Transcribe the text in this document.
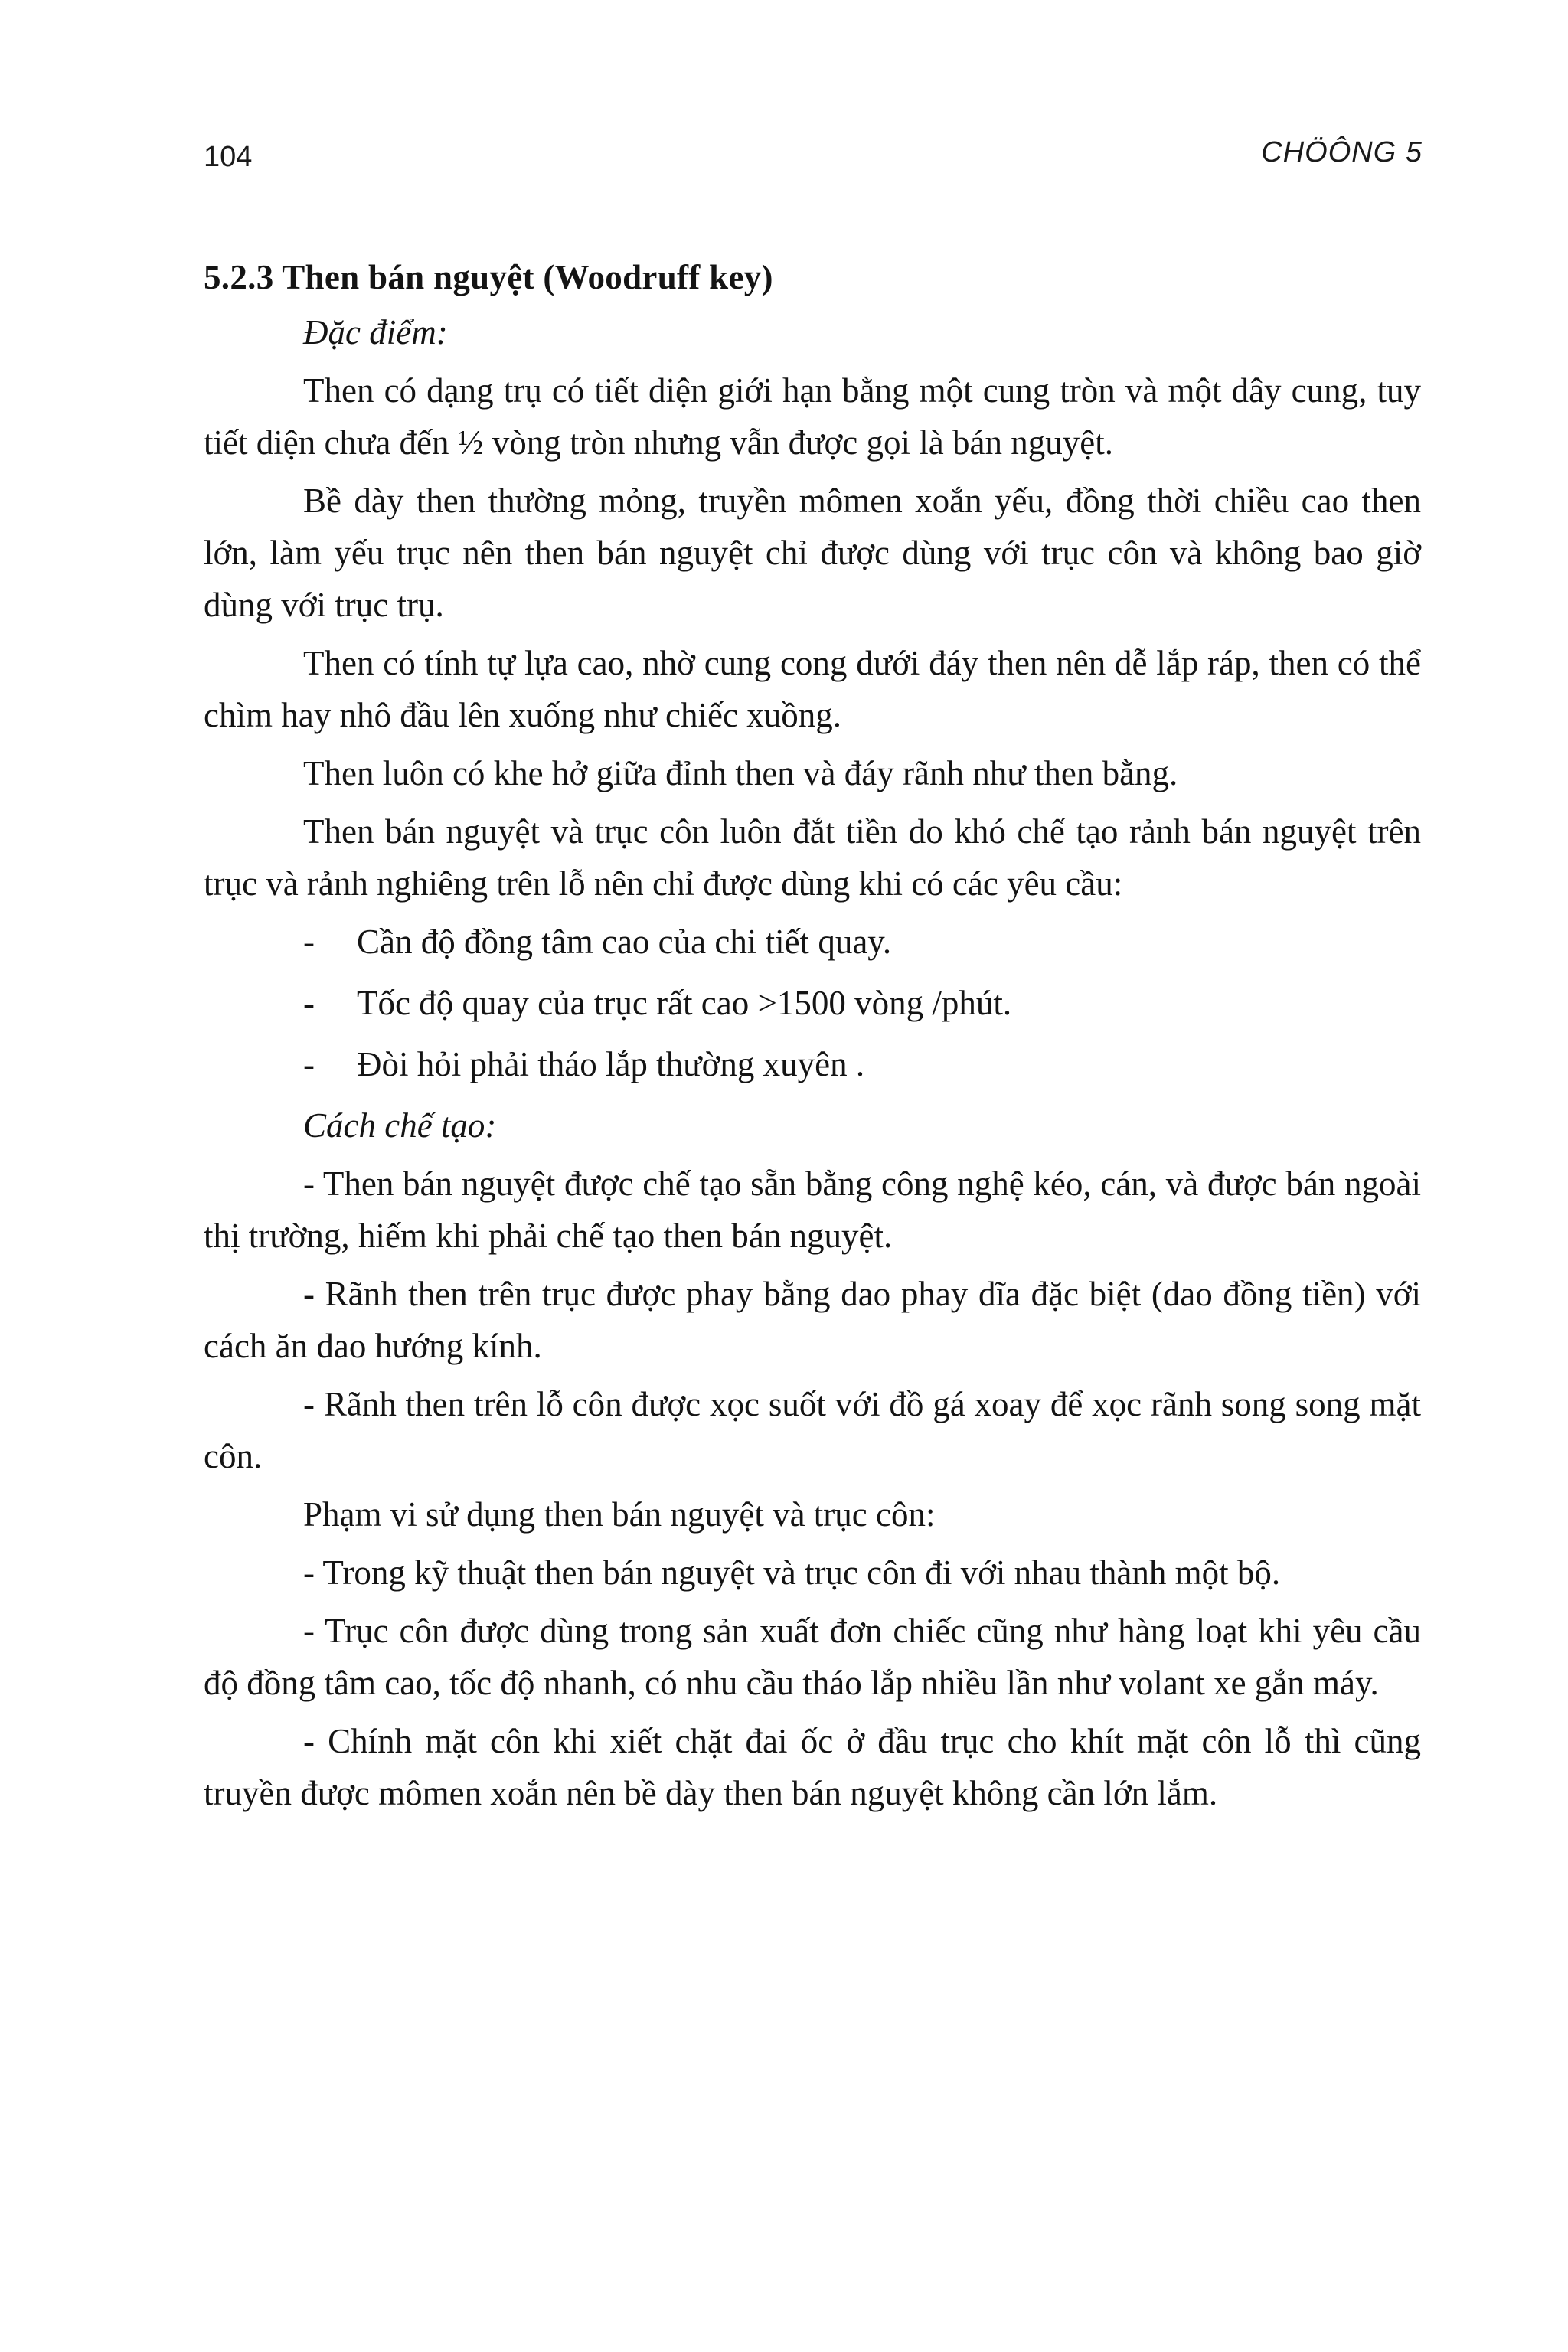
104	CHÖÔNG 5
5.2.3 Then bán nguyệt (Woodruff key)
Đặc điểm:

Then có dạng trụ có tiết diện giới hạn bằng một cung tròn và một dây cung, tuy tiết diện chưa đến ½ vòng tròn nhưng vẫn được gọi là bán nguyệt.

Bề dày then thường mỏng, truyền mômen xoắn yếu, đồng thời chiều cao then lớn, làm yếu trục nên then bán nguyệt chỉ được dùng với trục côn và không bao giờ dùng với trục trụ.

Then có tính tự lựa cao, nhờ cung cong dưới đáy then nên dễ lắp ráp, then có thể chìm hay nhô đầu lên xuống như chiếc xuồng.

Then luôn có khe hở giữa đỉnh then và đáy rãnh như then bằng.

Then bán nguyệt và trục côn luôn đắt tiền do khó chế tạo rảnh bán nguyệt trên trục và rảnh nghiêng trên lỗ nên chỉ được dùng khi có các yêu cầu:

-	Cần độ đồng tâm cao của chi tiết quay.
-	Tốc độ quay của trục rất cao >1500 vòng /phút.
-	Đòi hỏi phải tháo lắp thường xuyên .
Cách chế tạo:

- Then bán nguyệt được chế tạo sẵn bằng công nghệ kéo, cán, và được bán ngoài thị trường, hiếm khi phải chế tạo then bán nguyệt.

- Rãnh then trên trục được phay bằng dao phay dĩa đặc biệt (dao đồng tiền) với cách ăn dao hướng kính.

- Rãnh then trên lỗ côn được xọc suốt với đồ gá xoay để xọc rãnh song song mặt côn.

Phạm vi sử dụng then bán nguyệt và trục côn:

- Trong kỹ thuật then bán nguyệt và trục côn đi với nhau thành một bộ.

- Trục côn được dùng trong sản xuất đơn chiếc cũng như hàng loạt khi yêu cầu độ đồng tâm cao, tốc độ nhanh, có nhu cầu tháo lắp nhiều lần như volant xe gắn máy.

- Chính mặt côn khi xiết chặt đai ốc ở đầu trục cho khít mặt côn lỗ thì cũng truyền được mômen xoắn nên bề dày then bán nguyệt không cần lớn lắm.
